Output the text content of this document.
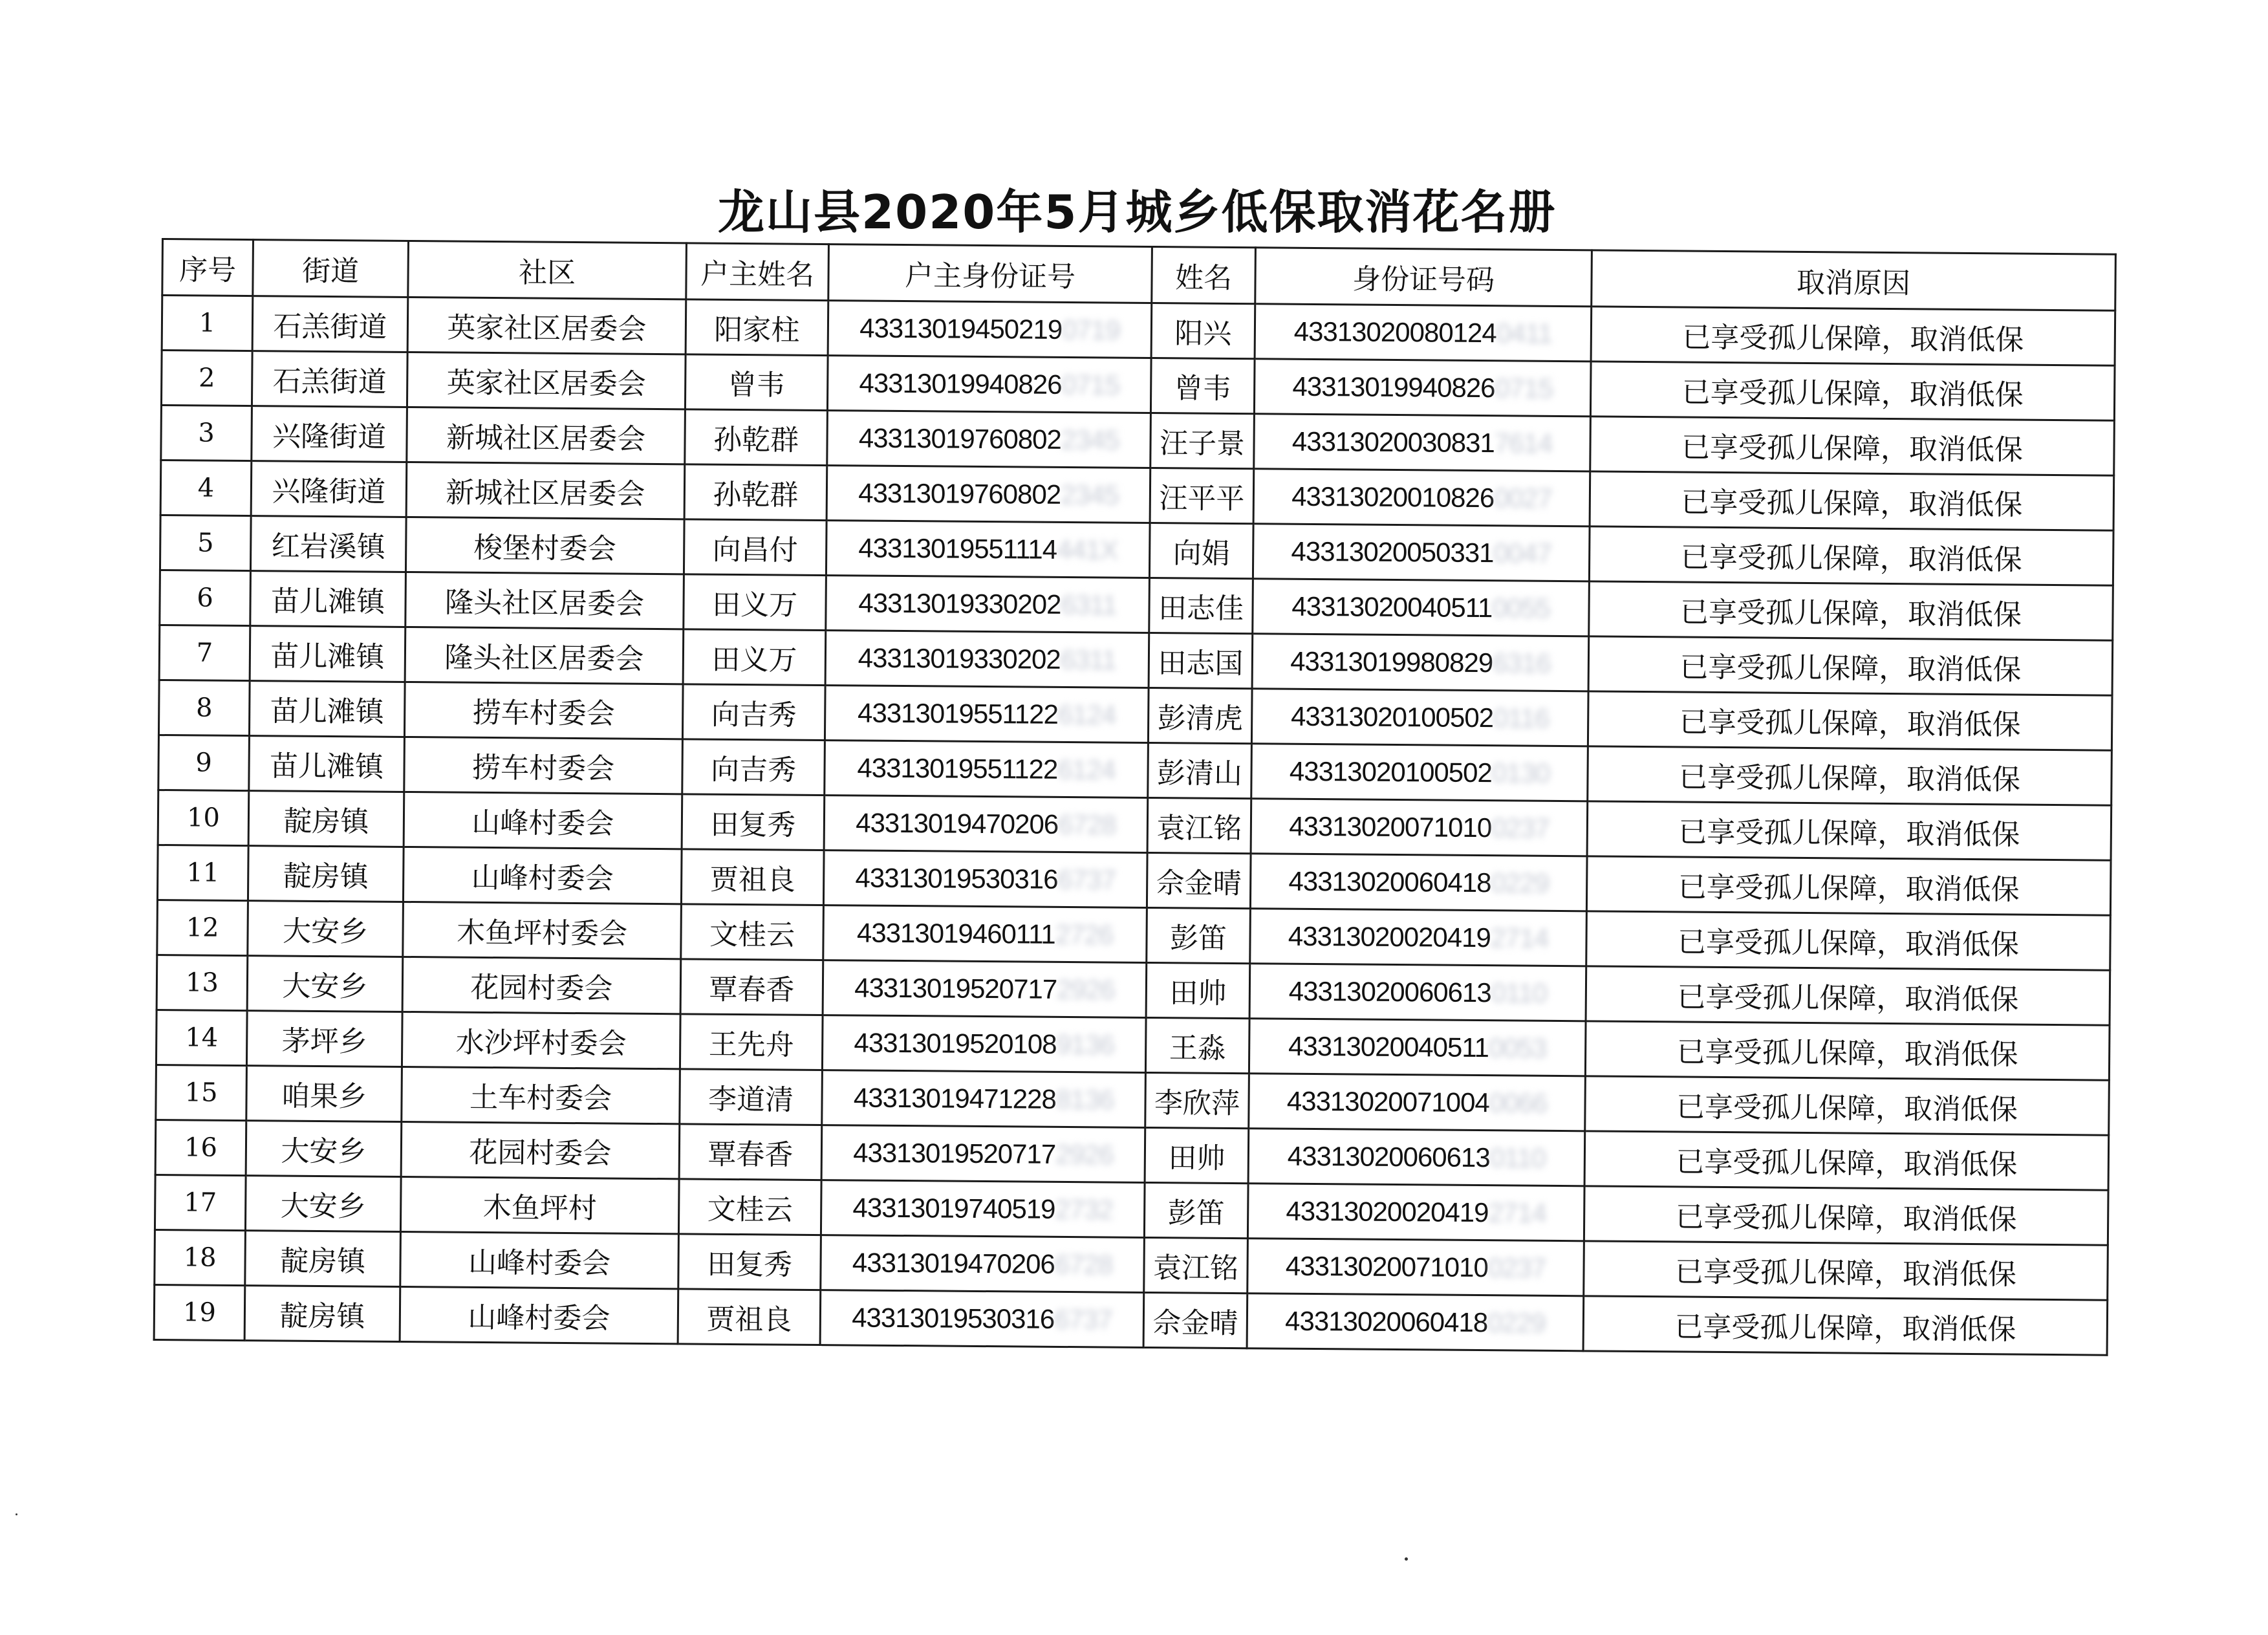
龙山县2020年5月城乡低保取消花名册
序号	街道	社区	户主姓名	户主身份证号	姓名	身份证号码	取消原因
1	石羔街道	英家社区居委会	阳家柱	433130194502190719	阳兴	433130200801240411	已享受孤儿保障，取消低保
2	石羔街道	英家社区居委会	曾韦	433130199408260715	曾韦	433130199408260715	已享受孤儿保障，取消低保
3	兴隆街道	新城社区居委会	孙乾群	433130197608022345	汪子景	433130200308317614	已享受孤儿保障，取消低保
4	兴隆街道	新城社区居委会	孙乾群	433130197608022345	汪平平	433130200108260027	已享受孤儿保障，取消低保
5	红岩溪镇	梭堡村委会	向昌付	43313019551114441X	向娟	433130200503310047	已享受孤儿保障，取消低保
6	苗儿滩镇	隆头社区居委会	田义万	433130193302026311	田志佳	433130200405110055	已享受孤儿保障，取消低保
7	苗儿滩镇	隆头社区居委会	田义万	433130193302026311	田志国	433130199808296316	已享受孤儿保障，取消低保
8	苗儿滩镇	捞车村委会	向吉秀	433130195511226124	彭清虎	433130201005020116	已享受孤儿保障，取消低保
9	苗儿滩镇	捞车村委会	向吉秀	433130195511226124	彭清山	433130201005020130	已享受孤儿保障，取消低保
10	靛房镇	山峰村委会	田复秀	433130194702066728	袁江铭	433130200710100237	已享受孤儿保障，取消低保
11	靛房镇	山峰村委会	贾祖良	433130195303166737	佘金晴	433130200604180229	已享受孤儿保障，取消低保
12	大安乡	木鱼坪村委会	文桂云	433130194601112726	彭笛	433130200204192714	已享受孤儿保障，取消低保
13	大安乡	花园村委会	覃春香	433130195207172926	田帅	433130200606130110	已享受孤儿保障，取消低保
14	茅坪乡	水沙坪村委会	王先舟	433130195201089136	王淼	433130200405110053	已享受孤儿保障，取消低保
15	咱果乡	土车村委会	李道清	433130194712288136	李欣萍	433130200710040066	已享受孤儿保障，取消低保
16	大安乡	花园村委会	覃春香	433130195207172926	田帅	433130200606130110	已享受孤儿保障，取消低保
17	大安乡	木鱼坪村	文桂云	433130197405192732	彭笛	433130200204192714	已享受孤儿保障，取消低保
18	靛房镇	山峰村委会	田复秀	433130194702066728	袁江铭	433130200710100237	已享受孤儿保障，取消低保
19	靛房镇	山峰村委会	贾祖良	433130195303166737	佘金晴	433130200604180229	已享受孤儿保障，取消低保
